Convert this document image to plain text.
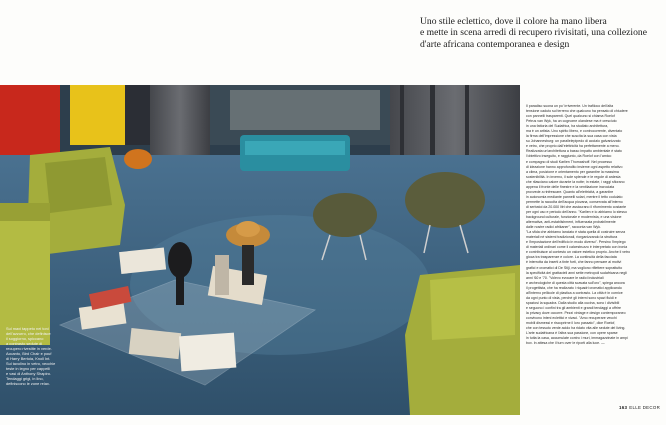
Uno stile eclettico, dove il colore ha mano libera
e mette in scena arredi di recupero rivisitati, una collezione
d'arte africana contemporanea e design

Sul maxi tappeto nei toni
dell'azzurro, che definisce
il soggiorno, spiccano
a contrasto sedute di
recupero rivestite in verde.
Accanto, Bird Chair e pouf
di Harry Bertoia, Knoll Int.
Sul tavolino in vetro, vecchie
teste in legno per cappelli
e vasi di Anthony Shapiro.
Tendaggi grigi, in lino,
definiscono le zone relax.

Il paradiso suona un po' irriverente. Un trafiloco dell'alta
tensione caduto sul terreno che qualcuno ha pensato di chiudere
con pannelli trasparenti. Quel qualcuno si chiama Roelof
Petrus van Wyk, ha un cognome olandese ma è cresciuto
in una fattoria del Sudafrica, ha studiato architettura,
ma è un artista. Uno spirito libero, e controcorrente, diventato
la firma dell'impressione che suscita la sua casa con vista
su Johannesburg: un parallelepipedo di acciaio galvanizzato
e vetro, che proprio dall'elettricità ha perfettamente a meno.
Realizzata un'architettura a basso impatto ambientale è stato
l'obiettivo inseguito, e raggiunto, da Roelof con l'amico
e compagno di studi Karlien Thomashoff. Nel processo
di ideazione hanno approfondito insieme ogni aspetto relativo
a clima, posizione e orientamento per garantire la massima
sostenibilità. In inverno, il sole splende e le regole di ardesia
che rilasciano calore durante la notte; in estate, i raggi sfiorano
appena il fronte delle finestre e la ventilazione incrociata
provvede a rinfrescare. Quanto all'elettricità, a garantire
in autonomia mediante pannelli solari, mentre il tetto codulato
permette la raccolta dell'acqua piovana, conservata all'interno
di serbatoi da 20.000 litri che assicurano il rifornimento costante
per ogni uso e periodo dell'anno. "Karlien e io abbiamo lo stesso
background culturale, funzionale e modernista, e una visione
alternativa, anti-establishment, influenzata probabilmente
dalle nostre radici afrikaner", racconta van Wyk.
"La sfida che abbiamo lanciato è stata quella di costruire senza
materiali né sistemi tradizionali, riorganizzando la struttura
e l'impostazione dell'edificio in modo diverso". Persino l'impiego
di materiali ordinari come il calcestruzzo è interpretato con ironia
e contribuisce al contesto un valore estetico proprio. Anche il vetro
gioca tra trasparenze e colore. La continuità della facciata
è interrotta da inserti a tinte forti, che fanno pensare ai motivi
grafici e cromatici di De Stijl, ma vogliono riflettere soprattutto
la specificità dei grattacieli anni sette metropoli sudafricana negli
anni '60 e '70. "Volevo evocare le radici industriali
e archeologiche di questa città scavata sull'oro", spiega ancora
il progettista, che ha realizzato i riquadri cromatici applicando
all'interno pellicole di plastica a contrasto. La città è in cornice
da ogni punto di vista, perché gli interni sono spazi fluidi e
spaziosi la squadra. Dalla studio alla cucina, sono i divisibili
e seguono i confini tra gli ambienti e grandi tendaggi a offrire
la privacy dove occorre. Pezzi vintage e design contemporaneo
convivono inteni eclettici e vivaci. "Amo recuperare vecchi
mobili dismessi e riscoprirne il loro passato", dice Roelof,
che con tessuto verde acido ha ridato vita alle sedute del living.
L'arte sudafricana è l'altra sua passione, con opere sparse
in tutta la casa, accumulate contro i muri, immagazzinate in ampi
box. In attesa che il turn over le riporti alla luce. —

163 ELLE DECOR
